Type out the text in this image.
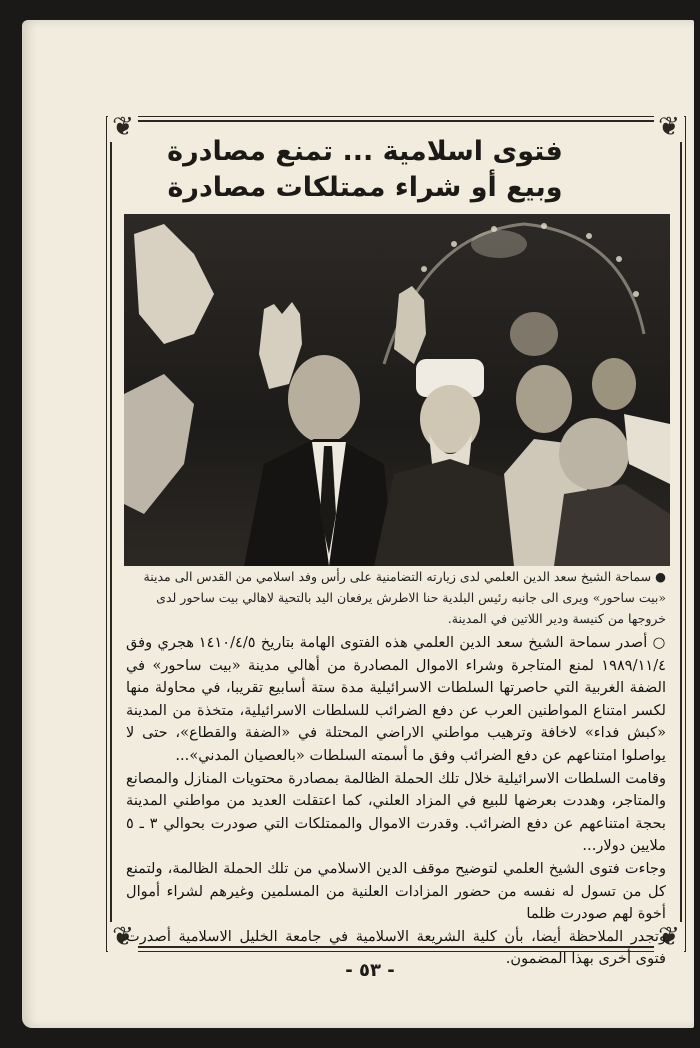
﻿
❦	❦
❦	❦
فتوى اسلامية ... تمنع مصادرة
وبيع أو شراء ممتلكات مصادرة
● سماحة الشيخ سعد الدين العلمي لدى زيارته التضامنية على رأس وفد اسلامي من القدس الى مدينة «بيت ساحور» ويرى الى جانبه رئيس البلدية حنا الاطرش يرفعان اليد بالتحية لاهالي بيت ساحور لدى خروجها من كنيسة ودير اللاتين في المدينة.

○ أصدر سماحة الشيخ سعد الدين العلمي هذه الفتوى الهامة بتاريخ ١٤١٠/٤/٥ هجري وفق ١٩٨٩/١١/٤ لمنع المتاجرة وشراء الاموال المصادرة من أهالي مدينة «بيت ساحور» في الضفة الغربية التي حاصرتها السلطات الاسرائيلية مدة ستة أسابيع تقريبا، في محاولة منها لكسر امتناع المواطنين العرب عن دفع الضرائب للسلطات الاسرائيلية، متخذة من المدينة «كبش فداء» لاخافة وترهيب مواطني الاراضي المحتلة في «الضفة والقطاع»، حتى لا يواصلوا امتناعهم عن دفع الضرائب وفق ما أسمته السلطات «بالعصيان المدني»...

وقامت السلطات الاسرائيلية خلال تلك الحملة الظالمة بمصادرة محتويات المنازل والمصانع والمتاجر، وهددت بعرضها للبيع في المزاد العلني، كما اعتقلت العديد من مواطني المدينة بحجة امتناعهم عن دفع الضرائب. وقدرت الاموال والممتلكات التي صودرت بحوالي ٣ ـ ٥ ملايين دولار...

وجاءت فتوى الشيخ العلمي لتوضيح موقف الدين الاسلامي من تلك الحملة الظالمة، ولتمنع كل من تسول له نفسه من حضور المزادات العلنية من المسلمين وغيرهم لشراء أموال أخوة لهم صودرت ظلما

وتجدر الملاحظة أيضا، بأن كلية الشريعة الاسلامية في جامعة الخليل الاسلامية أصدرت فتوى أخرى بهذا المضمون.

- ٥٣ -
